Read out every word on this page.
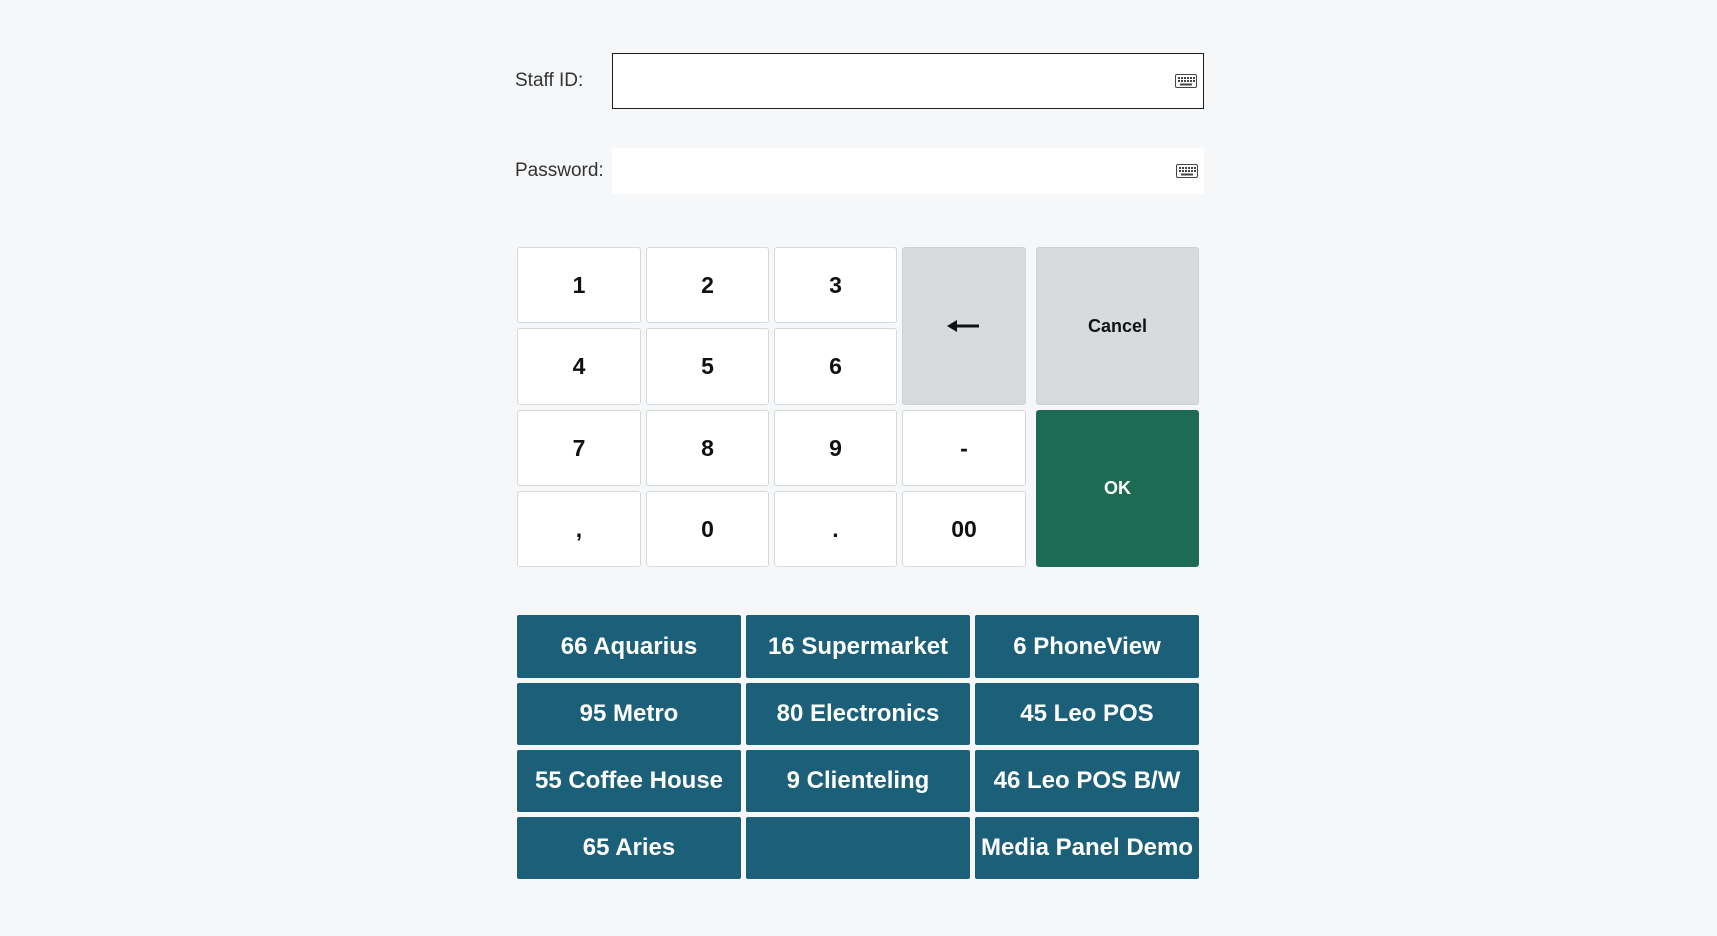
Staff ID:
Password:
1	2	3
4	5	6
7	8	9
,	0	.
-
00
Cancel
OK
66 Aquarius	16 Supermarket	6 PhoneView
95 Metro	80 Electronics	45 Leo POS
55 Coffee House	9 Clienteling	46 Leo POS B/W
65 Aries	Media Panel Demo
